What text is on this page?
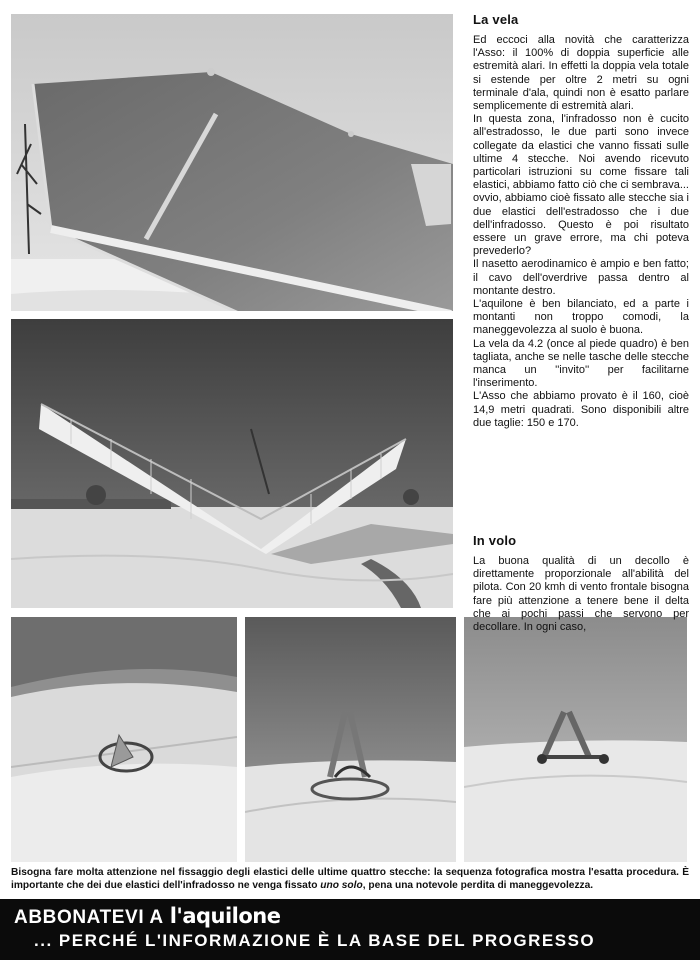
La vela

Ed eccoci alla novità che caratterizza l'Asso: il 100% di doppia superficie alle estremità alari. In effetti la doppia vela totale si estende per oltre 2 metri su ogni terminale d'ala, quindi non è esatto parlare semplicemente di estremità alari.

In questa zona, l'infradosso non è cucito all'estradosso, le due parti sono invece collegate da elastici che vanno fissati sulle ultime 4 stecche. Noi avendo ricevuto particolari istruzioni su come fissare tali elastici, abbiamo fatto ciò che ci sembrava... ovvio, abbiamo cioè fissato alle stecche sia i due elastici dell'estradosso che i due dell'infradosso. Questo è poi risultato essere un grave errore, ma chi poteva prevederlo?

Il nasetto aerodinamico è ampio e ben fatto; il cavo dell'overdrive passa dentro al montante destro.

L'aquilone è ben bilanciato, ed a parte i montanti non troppo comodi, la maneggevolezza al suolo è buona.

La vela da 4.2 (once al piede quadro) è ben tagliata, anche se nelle tasche delle stecche manca un ''invito'' per facilitarne l'inserimento.

L'Asso che abbiamo provato è il 160, cioè 14,9 metri quadrati. Sono disponibili altre due taglie: 150 e 170.

In volo

La buona qualità di un decollo è direttamente proporzionale all'abilità del pilota. Con 20 kmh di vento frontale bisogna fare più attenzione a tenere bene il delta che ai pochi passi che servono per decollare. In ogni caso,

Bisogna fare molta attenzione nel fissaggio degli elastici delle ultime quattro stecche: la sequenza fotografica mostra l'esatta procedura. È importante che dei due elastici dell'infradosso ne venga fissato uno solo, pena una notevole perdita di maneggevolezza.
ABBONATEVI A l'aquilone
... PERCHÉ L'INFORMAZIONE È LA BASE DEL PROGRESSO
